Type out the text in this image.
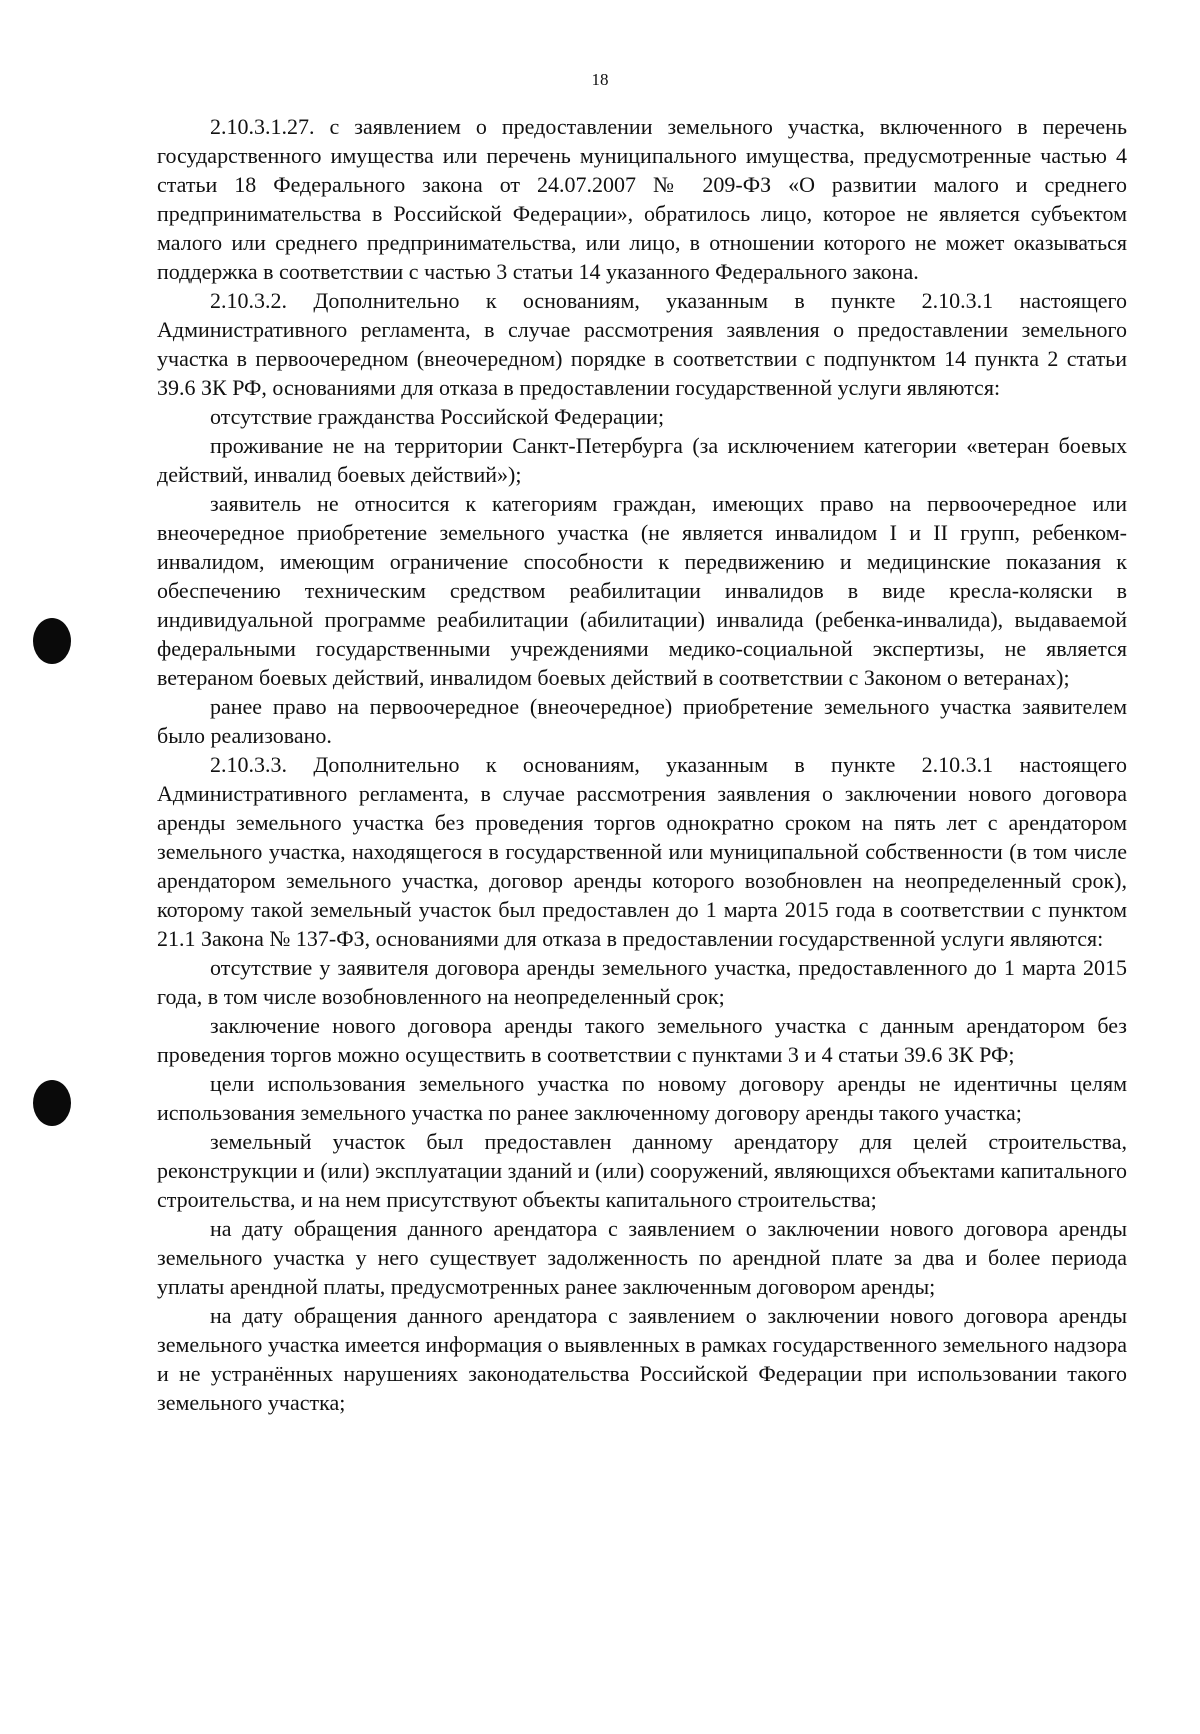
18

2.10.3.1.27. с заявлением о предоставлении земельного участка, включенного в перечень государственного имущества или перечень муниципального имущества, предусмотренные частью 4 статьи 18 Федерального закона от 24.07.2007 № 209-ФЗ «О развитии малого и среднего предпринимательства в Российской Федерации», обратилось лицо, которое не является субъектом малого или среднего предпринимательства, или лицо, в отношении которого не может оказываться поддержка в соответствии с частью 3 статьи 14 указанного Федерального закона.

2.10.3.2. Дополнительно к основаниям, указанным в пункте 2.10.3.1 настоящего Административного регламента, в случае рассмотрения заявления о предоставлении земельного участка в первоочередном (внеочередном) порядке в соответствии с подпунктом 14 пункта 2 статьи 39.6 ЗК РФ, основаниями для отказа в предоставлении государственной услуги являются:

отсутствие гражданства Российской Федерации;

проживание не на территории Санкт-Петербурга (за исключением категории «ветеран боевых действий, инвалид боевых действий»);

заявитель не относится к категориям граждан, имеющих право на первоочередное или внеочередное приобретение земельного участка (не является инвалидом I и II групп, ребенком-инвалидом, имеющим ограничение способности к передвижению и медицинские показания к обеспечению техническим средством реабилитации инвалидов в виде кресла-коляски в индивидуальной программе реабилитации (абилитации) инвалида (ребенка-инвалида), выдаваемой федеральными государственными учреждениями медико-социальной экспертизы, не является ветераном боевых действий, инвалидом боевых действий в соответствии с Законом о ветеранах);

ранее право на первоочередное (внеочередное) приобретение земельного участка заявителем было реализовано.

2.10.3.3. Дополнительно к основаниям, указанным в пункте 2.10.3.1 настоящего Административного регламента, в случае рассмотрения заявления о заключении нового договора аренды земельного участка без проведения торгов однократно сроком на пять лет с арендатором земельного участка, находящегося в государственной или муниципальной собственности (в том числе арендатором земельного участка, договор аренды которого возобновлен на неопределенный срок), которому такой земельный участок был предоставлен до 1 марта 2015 года в соответствии с пунктом 21.1 Закона № 137-ФЗ, основаниями для отказа в предоставлении государственной услуги являются:

отсутствие у заявителя договора аренды земельного участка, предоставленного до 1 марта 2015 года, в том числе возобновленного на неопределенный срок;

заключение нового договора аренды такого земельного участка с данным арендатором без проведения торгов можно осуществить в соответствии с пунктами 3 и 4 статьи 39.6 ЗК РФ;

цели использования земельного участка по новому договору аренды не идентичны целям использования земельного участка по ранее заключенному договору аренды такого участка;

земельный участок был предоставлен данному арендатору для целей строительства, реконструкции и (или) эксплуатации зданий и (или) сооружений, являющихся объектами капитального строительства, и на нем присутствуют объекты капитального строительства;

на дату обращения данного арендатора с заявлением о заключении нового договора аренды земельного участка у него существует задолженность по арендной плате за два и более периода уплаты арендной платы, предусмотренных ранее заключенным договором аренды;

на дату обращения данного арендатора с заявлением о заключении нового договора аренды земельного участка имеется информация о выявленных в рамках государственного земельного надзора и не устранённых нарушениях законодательства Российской Федерации при использовании такого земельного участка;
